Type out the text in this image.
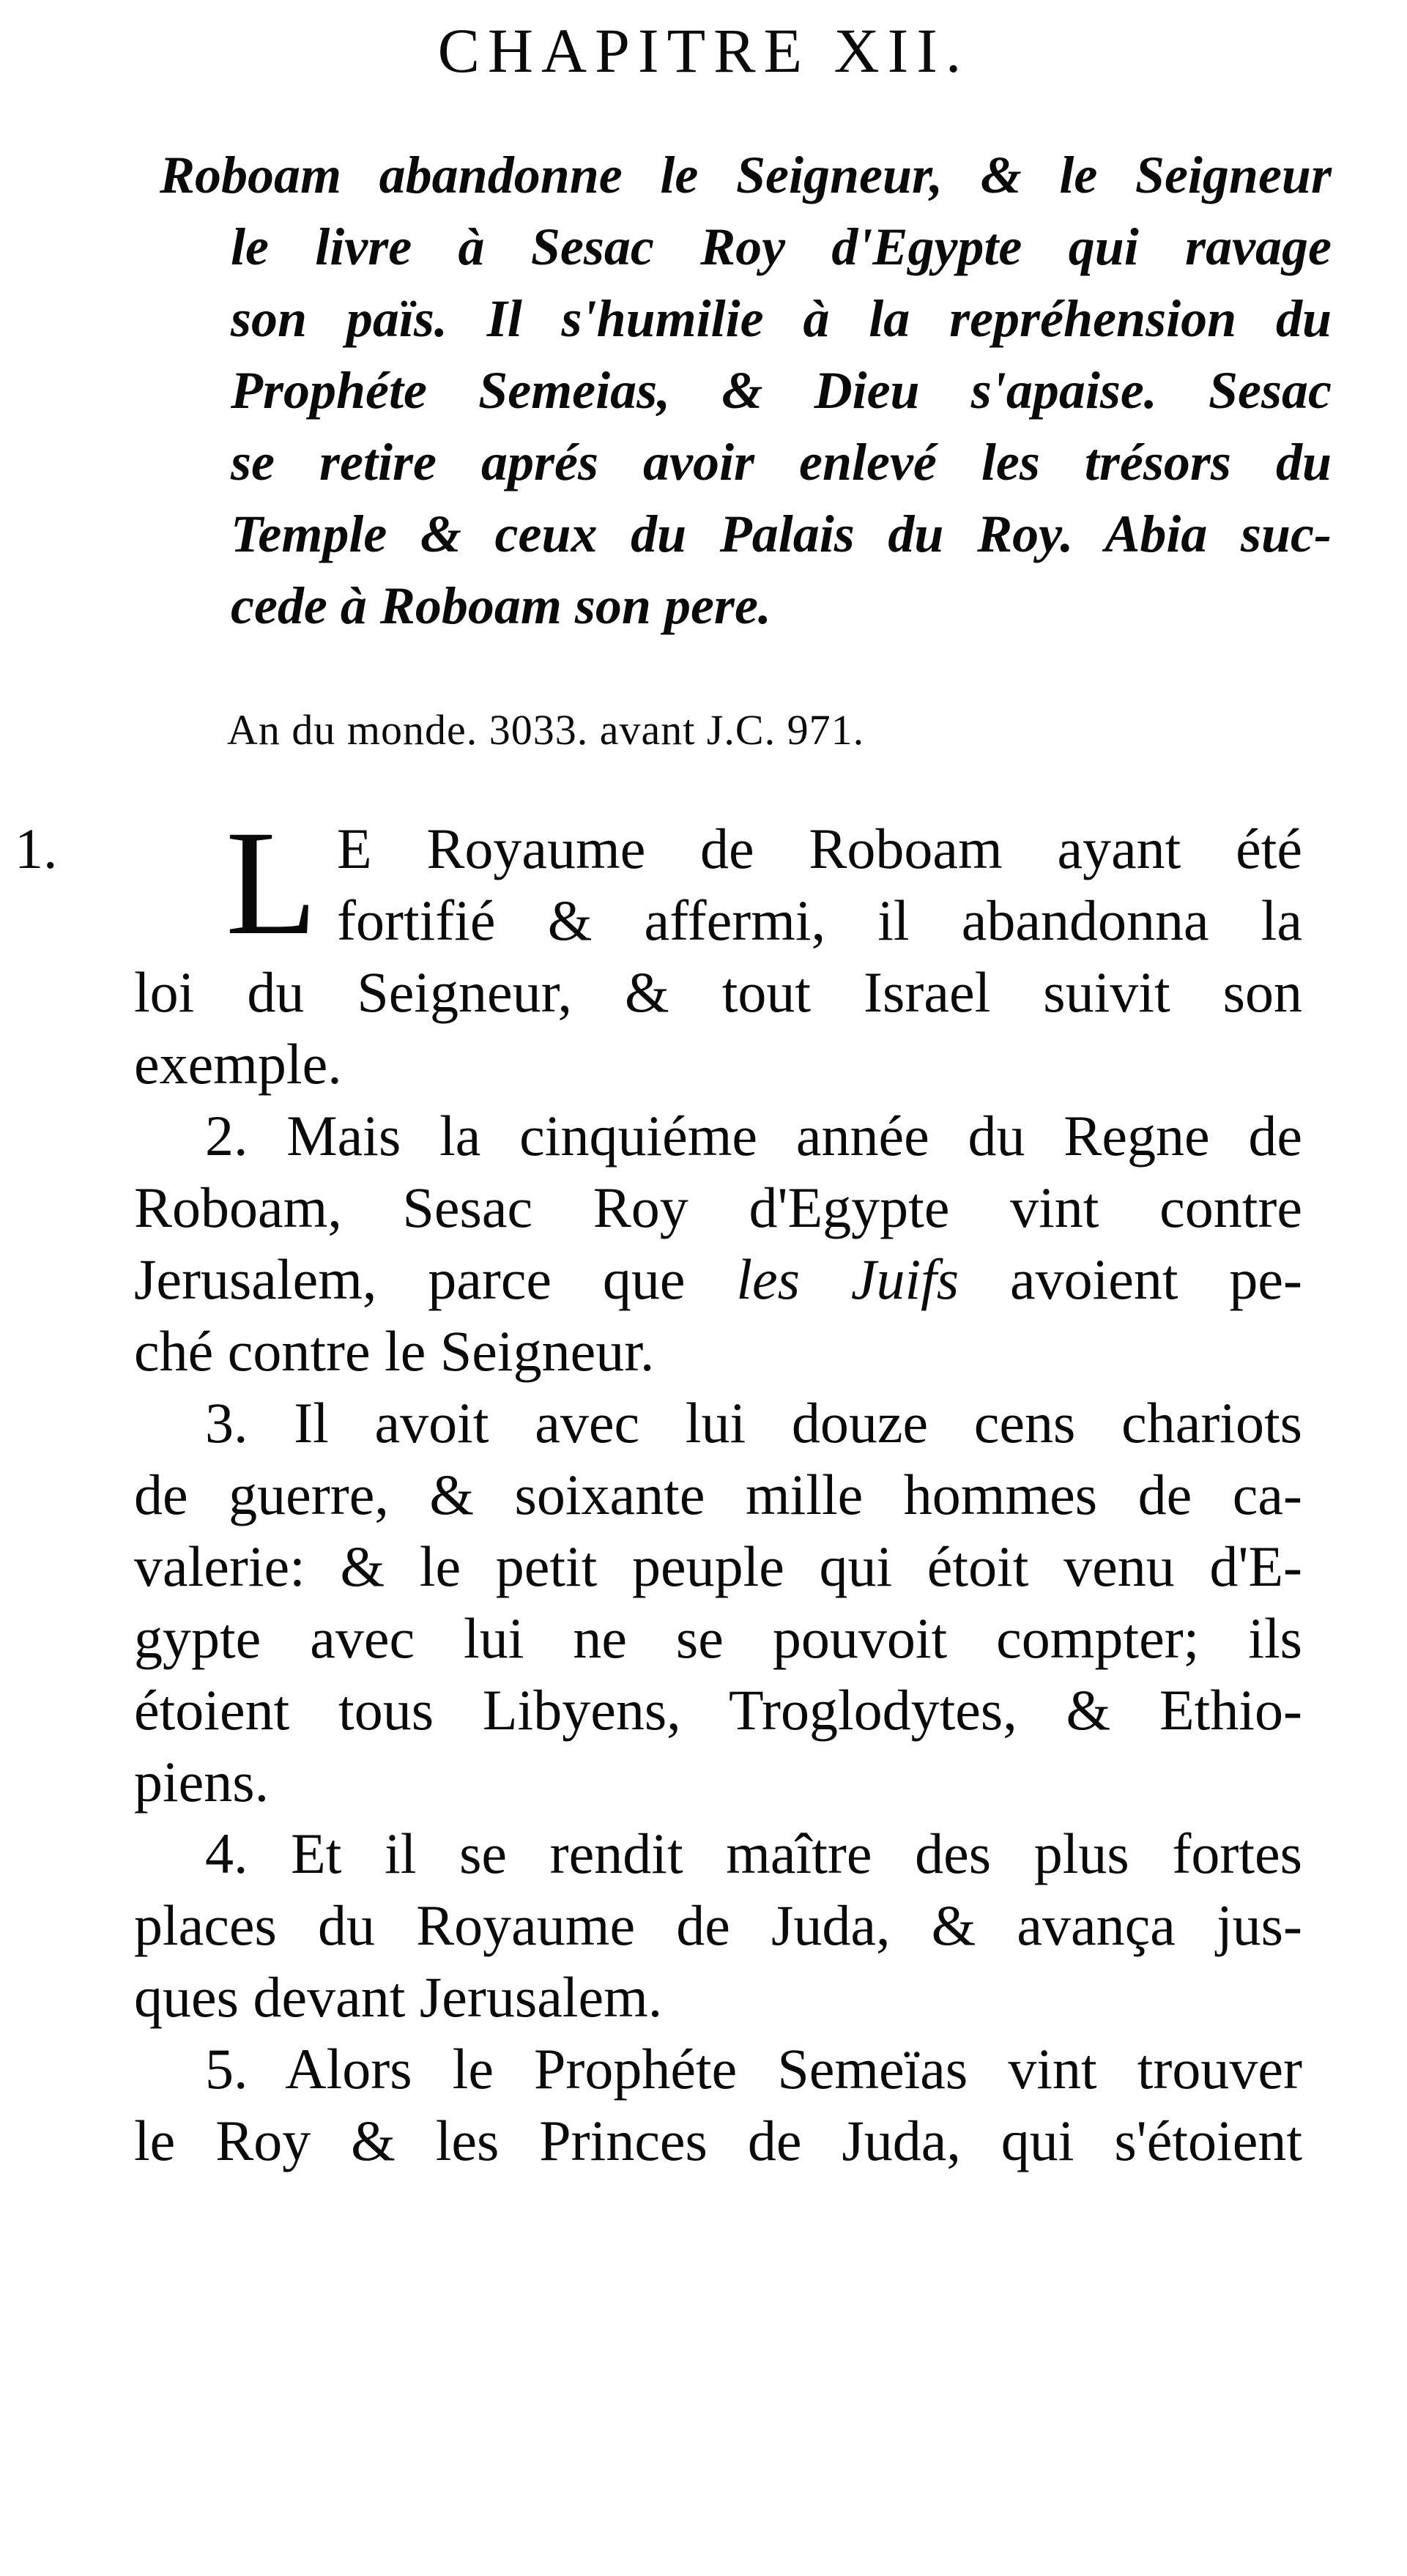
CHAPITRE XII.
Roboam abandonne le Seigneur, & le Seigneur
le livre à Sesac Roy d'Egypte qui ravage
son païs. Il s'humilie à la repréhension du
Prophéte Semeias, & Dieu s'apaise. Sesac
se retire aprés avoir enlevé les trésors du
Temple & ceux du Palais du Roy. Abia suc-
cede à Roboam son pere.
An du monde. 3033. avant J.C. 971.
1. L E Royaume de Roboam ayant été
fortifié & affermi, il abandonna la
loi du Seigneur, & tout Israel suivit son
exemple.
2. Mais la cinquiéme année du Regne de
Roboam, Sesac Roy d'Egypte vint contre
Jerusalem, parce que les Juifs avoient pe-
ché contre le Seigneur.
3. Il avoit avec lui douze cens chariots
de guerre, & soixante mille hommes de ca-
valerie: & le petit peuple qui étoit venu d'E-
gypte avec lui ne se pouvoit compter; ils
étoient tous Libyens, Troglodytes, & Ethio-
piens.
4. Et il se rendit maître des plus fortes
places du Royaume de Juda, & avança jus-
ques devant Jerusalem.
5. Alors le Prophéte Semeïas vint trouver
le Roy & les Princes de Juda, qui s'étoient
